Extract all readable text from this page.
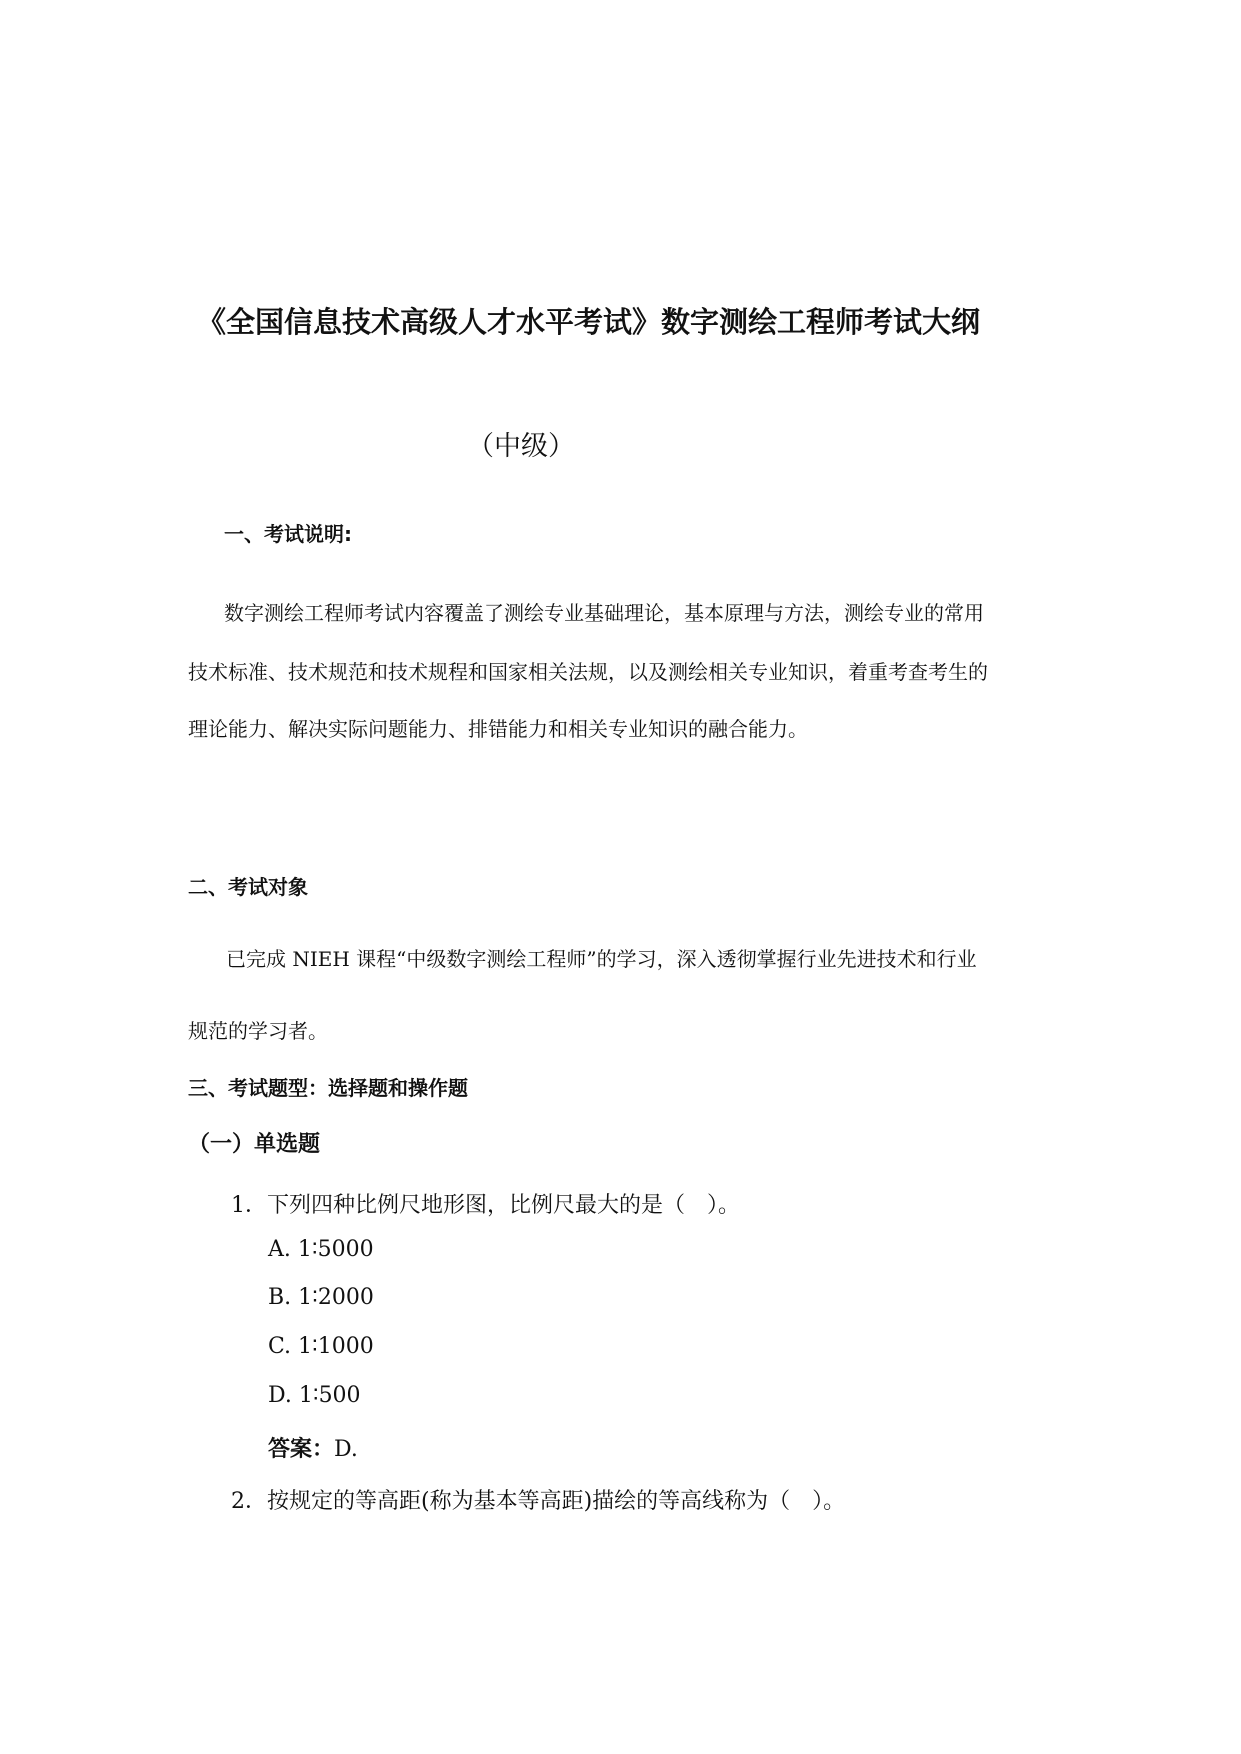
《全国信息技术高级人才水平考试》数字测绘工程师考试大纲
（中级）
一、考试说明:
数字测绘工程师考试内容覆盖了测绘专业基础理论，基本原理与方法，测绘专业的常用
技术标准、技术规范和技术规程和国家相关法规，以及测绘相关专业知识，着重考查考生的
理论能力、解决实际问题能力、排错能力和相关专业知识的融合能力。
二、考试对象
已完成 NIEH 课程“中级数字测绘工程师”的学习，深入透彻掌握行业先进技术和行业
规范的学习者。
三、考试题型：选择题和操作题
（一）单选题
1．下列四种比例尺地形图，比例尺最大的是（　）。
A. 1∶5000
B. 1∶2000
C. 1∶1000
D. 1∶500
答案：D.
2．按规定的等高距(称为基本等高距)描绘的等高线称为（　）。
